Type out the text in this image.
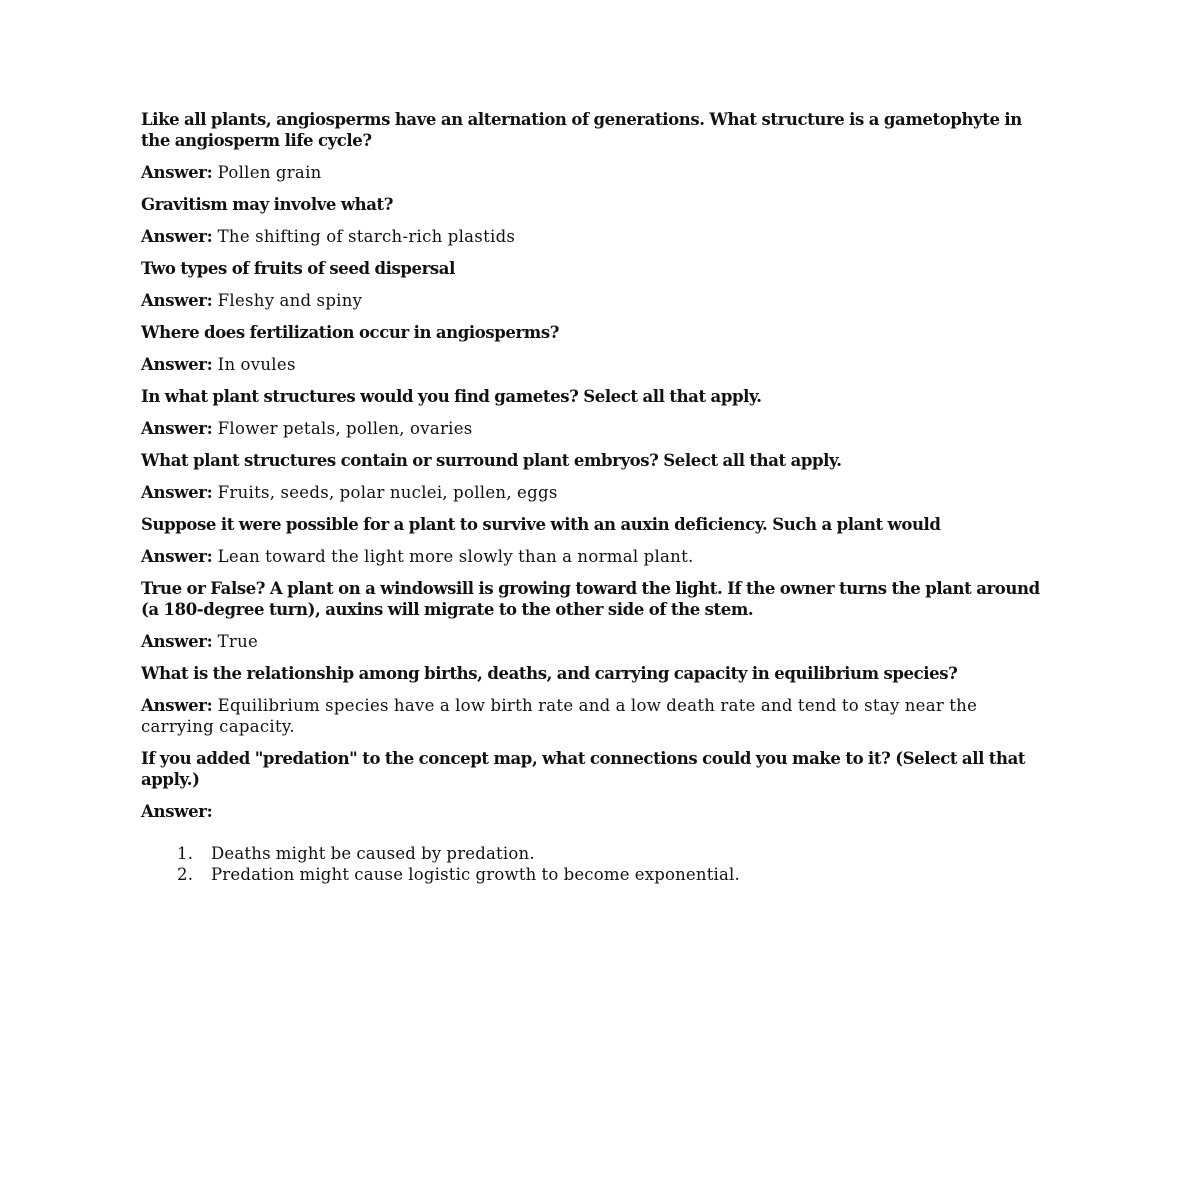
Like all plants, angiosperms have an alternation of generations. What structure is a gametophyte in the angiosperm life cycle?

Answer: Pollen grain

Gravitism may involve what?

Answer: The shifting of starch-rich plastids

Two types of fruits of seed dispersal

Answer: Fleshy and spiny

Where does fertilization occur in angiosperms?

Answer: In ovules

In what plant structures would you find gametes? Select all that apply.

Answer: Flower petals, pollen, ovaries

What plant structures contain or surround plant embryos? Select all that apply.

Answer: Fruits, seeds, polar nuclei, pollen, eggs

Suppose it were possible for a plant to survive with an auxin deficiency. Such a plant would

Answer: Lean toward the light more slowly than a normal plant.

True or False? A plant on a windowsill is growing toward the light. If the owner turns the plant around (a 180-degree turn), auxins will migrate to the other side of the stem.

Answer: True

What is the relationship among births, deaths, and carrying capacity in equilibrium species?

Answer: Equilibrium species have a low birth rate and a low death rate and tend to stay near the carrying capacity.

If you added "predation" to the concept map, what connections could you make to it? (Select all that apply.)

Answer:

1. Deaths might be caused by predation.
2. Predation might cause logistic growth to become exponential.
